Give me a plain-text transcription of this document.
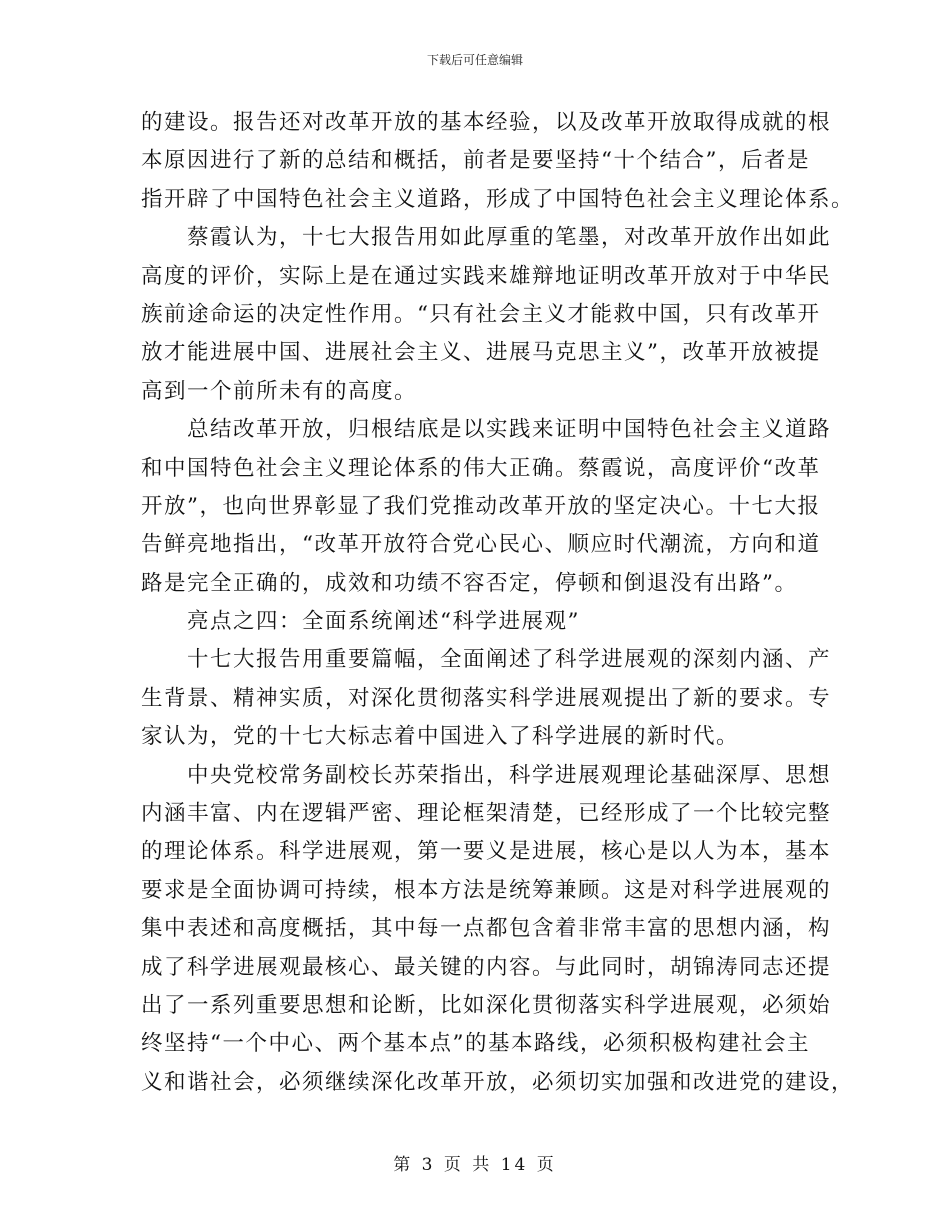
下载后可任意编辑
的建设。报告还对改革开放的基本经验，以及改革开放取得成就的根
本原因进行了新的总结和概括，前者是要坚持“十个结合”，后者是
指开辟了中国特色社会主义道路，形成了中国特色社会主义理论体系。
　　蔡霞认为，十七大报告用如此厚重的笔墨，对改革开放作出如此
高度的评价，实际上是在通过实践来雄辩地证明改革开放对于中华民
族前途命运的决定性作用。“只有社会主义才能救中国，只有改革开
放才能进展中国、进展社会主义、进展马克思主义”，改革开放被提
高到一个前所未有的高度。
　　总结改革开放，归根结底是以实践来证明中国特色社会主义道路
和中国特色社会主义理论体系的伟大正确。蔡霞说，高度评价“改革
开放”，也向世界彰显了我们党推动改革开放的坚定决心。十七大报
告鲜亮地指出，“改革开放符合党心民心、顺应时代潮流，方向和道
路是完全正确的，成效和功绩不容否定，停顿和倒退没有出路”。
　　亮点之四：全面系统阐述“科学进展观”
　　十七大报告用重要篇幅，全面阐述了科学进展观的深刻内涵、产
生背景、精神实质，对深化贯彻落实科学进展观提出了新的要求。专
家认为，党的十七大标志着中国进入了科学进展的新时代。
　　中央党校常务副校长苏荣指出，科学进展观理论基础深厚、思想
内涵丰富、内在逻辑严密、理论框架清楚，已经形成了一个比较完整
的理论体系。科学进展观，第一要义是进展，核心是以人为本，基本
要求是全面协调可持续，根本方法是统筹兼顾。这是对科学进展观的
集中表述和高度概括，其中每一点都包含着非常丰富的思想内涵，构
成了科学进展观最核心、最关键的内容。与此同时，胡锦涛同志还提
出了一系列重要思想和论断，比如深化贯彻落实科学进展观，必须始
终坚持“一个中心、两个基本点”的基本路线，必须积极构建社会主
义和谐社会，必须继续深化改革开放，必须切实加强和改进党的建设，
第 3 页 共 14 页
